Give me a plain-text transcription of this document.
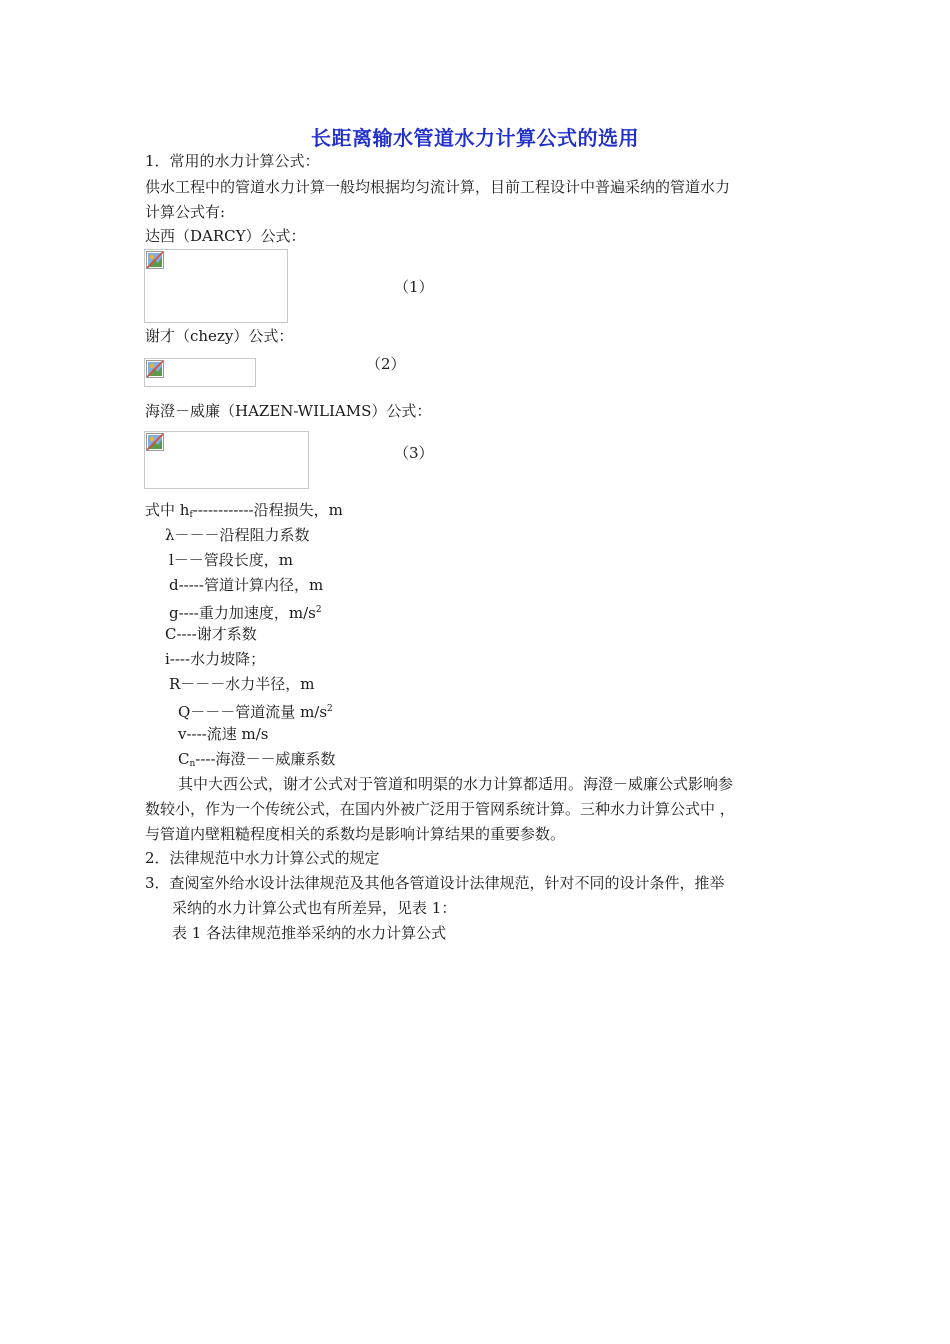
长距离输水管道水力计算公式的选用
1．常用的水力计算公式：
供水工程中的管道水力计算一般均根据均匀流计算，目前工程设计中普遍采纳的管道水力
计算公式有:
达西（DARCY）公式：
（1）
谢才（chezy）公式：
（2）
海澄－威廉（HAZEN-WILIAMS）公式：
（3）
式中 $h_f------------$沿程损失，m
λ－－－沿程阻力系数
l－－管段长度，m
d-----管道计算内径，m
g----重力加速度，$m/s^2$
C----谢才系数
i----水力坡降；
R－－－水力半径，m
Q－－－管道流量 $m/s^2$
v----流速 m/s
$C_n----$海澄－－威廉系数
其中大西公式，谢才公式对于管道和明渠的水力计算都适用。海澄－威廉公式影响参
数较小，作为一个传统公式，在国内外被广泛用于管网系统计算。三种水力计算公式中 ，
与管道内壁粗糙程度相关的系数均是影响计算结果的重要参数。
2．法律规范中水力计算公式的规定
3．查阅室外给水设计法律规范及其他各管道设计法律规范，针对不同的设计条件，推举
采纳的水力计算公式也有所差异，见表 1：
表 1 各法律规范推举采纳的水力计算公式
